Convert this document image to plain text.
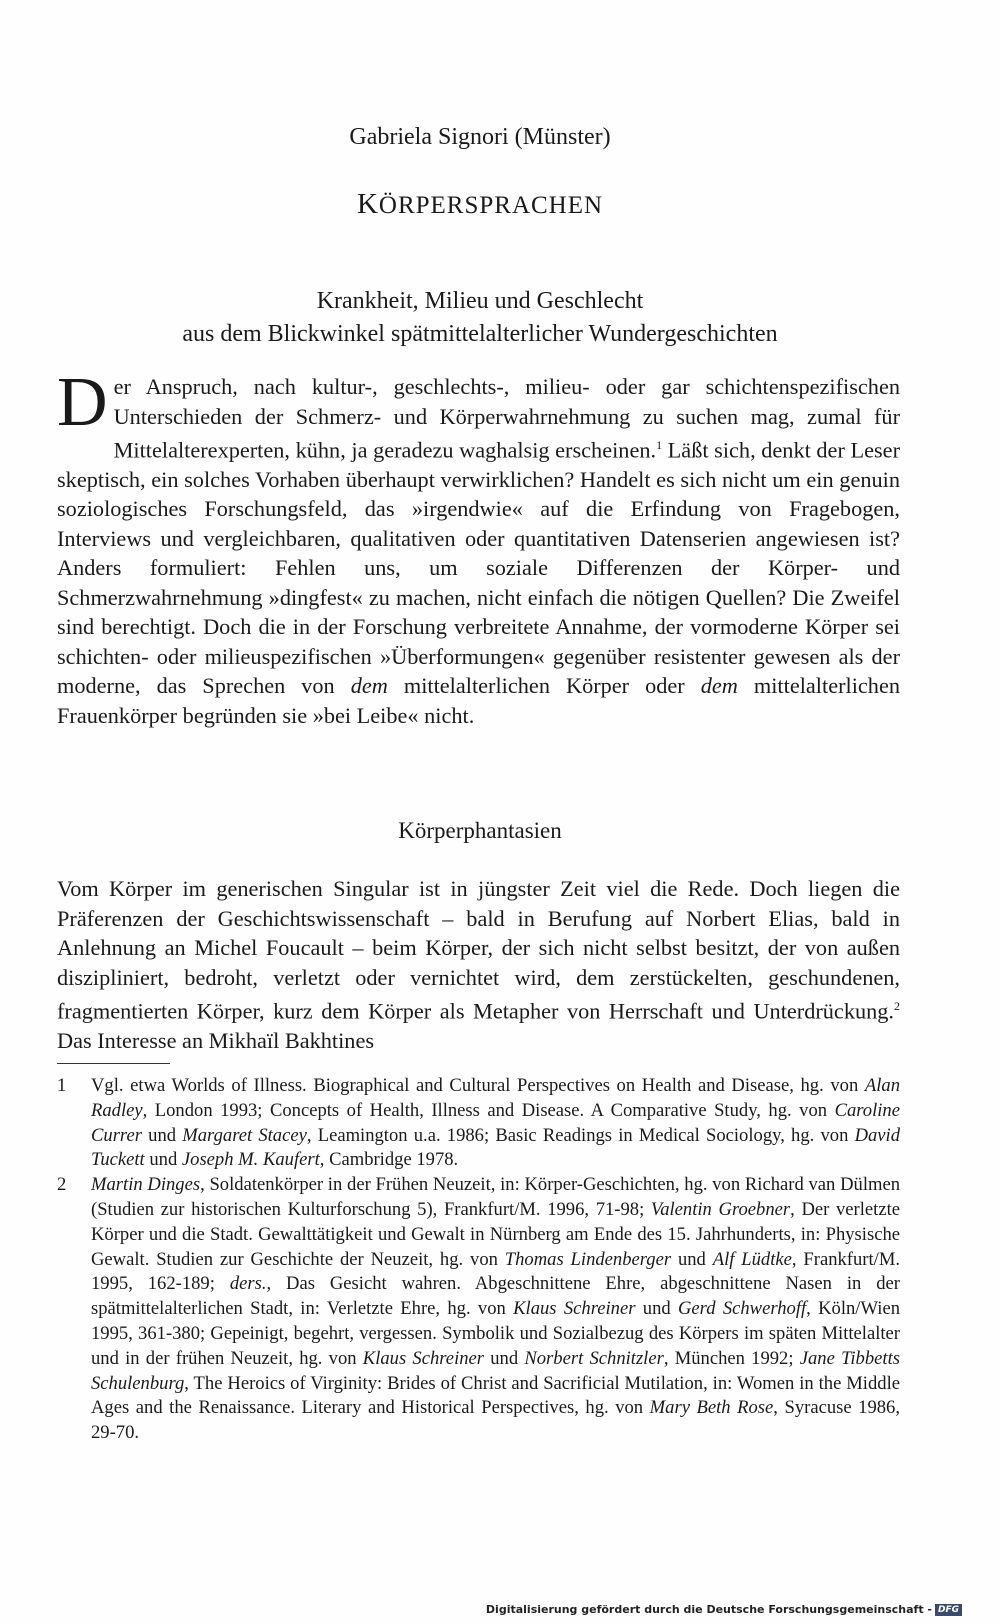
Gabriela Signori (Münster)
KÖRPERSPRACHEN
Krankheit, Milieu und Geschlecht
aus dem Blickwinkel spätmittelalterlicher Wundergeschichten

Der Anspruch, nach kultur-, geschlechts-, milieu- oder gar schichtenspezifischen Unterschieden der Schmerz- und Körperwahrnehmung zu suchen mag, zumal für Mittelalterexperten, kühn, ja geradezu waghalsig erscheinen.$^1$ Läßt sich, denkt der Leser skeptisch, ein solches Vorhaben überhaupt verwirklichen? Handelt es sich nicht um ein genuin soziologisches Forschungsfeld, das »irgendwie« auf die Erfindung von Fragebogen, Interviews und vergleichbaren, qualitativen oder quantitativen Datenserien angewiesen ist? Anders formuliert: Fehlen uns, um soziale Differenzen der Körper- und Schmerzwahrnehmung »dingfest« zu machen, nicht einfach die nötigen Quellen? Die Zweifel sind berechtigt. Doch die in der Forschung verbreitete Annahme, der vormoderne Körper sei schichten- oder milieuspezifischen »Überformungen« gegenüber resistenter gewesen als der moderne, das Sprechen von dem mittelalterlichen Körper oder dem mittelalterlichen Frauenkörper begründen sie »bei Leibe« nicht.

Körperphantasien

Vom Körper im generischen Singular ist in jüngster Zeit viel die Rede. Doch liegen die Präferenzen der Geschichtswissenschaft – bald in Berufung auf Norbert Elias, bald in Anlehnung an Michel Foucault – beim Körper, der sich nicht selbst besitzt, der von außen diszipliniert, bedroht, verletzt oder vernichtet wird, dem zerstückelten, geschundenen, fragmentierten Körper, kurz dem Körper als Metapher von Herrschaft und Unterdrückung.$^2$ Das Interesse an Mikhaïl Bakhtines

1 Vgl. etwa Worlds of Illness. Biographical and Cultural Perspectives on Health and Disease, hg. von Alan Radley, London 1993; Concepts of Health, Illness and Disease. A Comparative Study, hg. von Caroline Currer und Margaret Stacey, Leamington u.a. 1986; Basic Readings in Medical Sociology, hg. von David Tuckett und Joseph M. Kaufert, Cambridge 1978.
2 Martin Dinges, Soldatenkörper in der Frühen Neuzeit, in: Körper-Geschichten, hg. von Richard van Dülmen (Studien zur historischen Kulturforschung 5), Frankfurt/M. 1996, 71-98; Valentin Groebner, Der verletzte Körper und die Stadt. Gewalttätigkeit und Gewalt in Nürnberg am Ende des 15. Jahrhunderts, in: Physische Gewalt. Studien zur Geschichte der Neuzeit, hg. von Thomas Lindenberger und Alf Lüdtke, Frankfurt/M. 1995, 162-189; ders., Das Gesicht wahren. Abgeschnittene Ehre, abgeschnittene Nasen in der spätmittelalterlichen Stadt, in: Verletzte Ehre, hg. von Klaus Schreiner und Gerd Schwerhoff, Köln/Wien 1995, 361-380; Gepeinigt, begehrt, vergessen. Symbolik und Sozialbezug des Körpers im späten Mittelalter und in der frühen Neuzeit, hg. von Klaus Schreiner und Norbert Schnitzler, München 1992; Jane Tibbetts Schulenburg, The Heroics of Virginity: Brides of Christ and Sacrificial Mutilation, in: Women in the Middle Ages and the Renaissance. Literary and Historical Perspectives, hg. von Mary Beth Rose, Syracuse 1986, 29-70.
Digitalisierung gefördert durch die Deutsche Forschungsgemeinschaft - DFG
